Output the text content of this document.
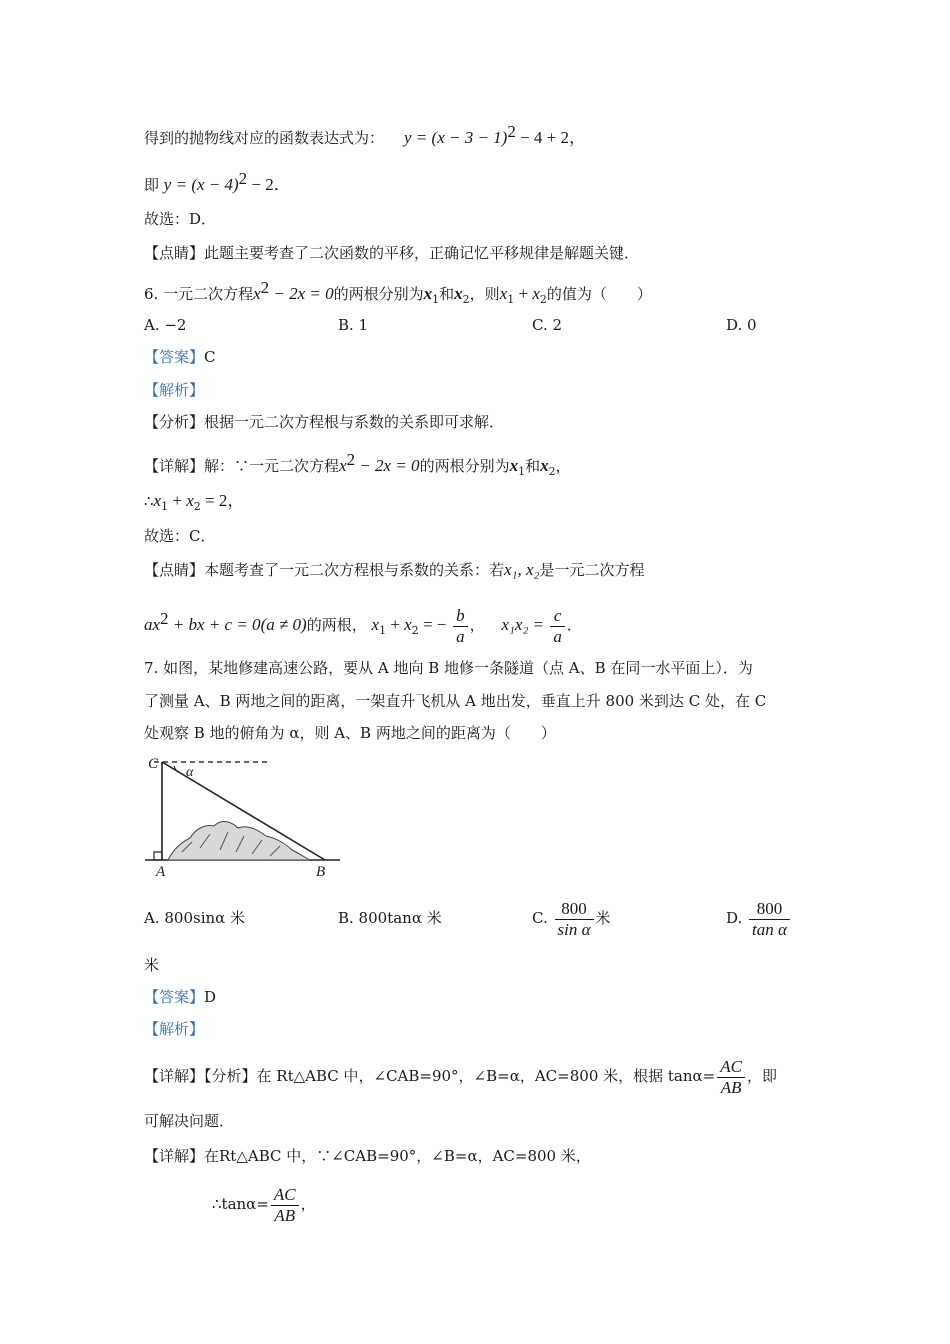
得到的抛物线对应的函数表达式为： $y = (x - 3 - 1)^2 - 4 + 2$，
即 $y = (x - 4)^2 - 2$．
故选：D．
【点睛】此题主要考查了二次函数的平移，正确记忆平移规律是解题关键．
6. 一元二次方程$x^2 - 2x = 0$的两根分别为$x_1$和$x_2$，则$x_1 + x_2$的值为（　　）
A. −2	B. 1	C. 2	D. 0
【答案】C
【解析】
【分析】根据一元二次方程根与系数的关系即可求解．
【详解】解：∵一元二次方程$x^2 - 2x = 0$的两根分别为$x_1$和$x_2$，
$\therefore x_1 + x_2 = 2$，
故选：C．
【点睛】本题考查了一元二次方程根与系数的关系：若x₁, x₂是一元二次方程
$ax^2$ + bx + c = 0(a ≠ 0)的两根， $x_1 + x_2$ = − $\frac{b}{a}$ ， $x_1x_2 = \frac{c}{a}$ ．
7. 如图，某地修建高速公路，要从 A 地向 B 地修一条隧道（点 A、B 在同一水平面上）．为
了测量 A、B 两地之间的距离，一架直升飞机从 A 地出发，垂直上升 800 米到达 C 处，在 C
处观察 B 地的俯角为 α，则 A、B 两地之间的距离为（　　）
C
α
A	B
A. 800sinα 米	B. 800tanα 米	C. $\frac{800}{\text{sin α}}$ 米	D. $\frac{800}{\text{tan α}}$
米
【答案】D
【解析】
【详解】【分析】在 Rt△ABC 中，∠CAB=90°，∠B=α，AC=800 米，根据 $\tan\alpha= \frac{AC}{AB}$ ，即
可解决问题．
【详解】在Rt△ABC 中，∵∠CAB=90°，∠B=α，AC=800 米，
∴tanα= $\frac{AC}{AB}$ ，
